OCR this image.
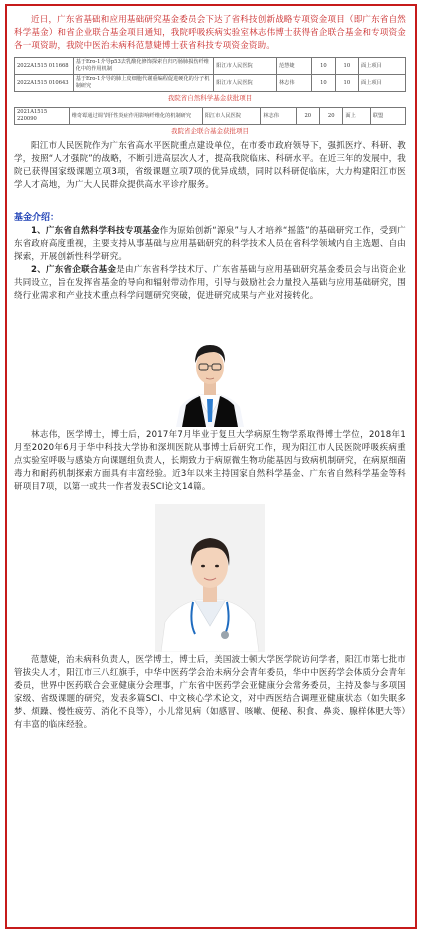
近日，广东省基础和应用基础研究基金委员会下达了省科技创新战略专项资金项目（即广东省自然科学基金）和省企业联合基金项目通知，我院呼吸疾病实验室林志伟博士获得省企联合基金和专项资金各一项资助，我院中医治未病科范慧婕博士获省科技专项资金资助。

2022A1515 011668	基于Ero-1介导p53去乳酸化修饰探索自归巧肠肺损伤纤维化中的作用机制	阳江市人民医院	范慧婕	10	10	面上项目
2022A1515 010643	基于Ero-1介导的肺上皮细胞代谢重编程促进硬化的分子机制研究	阳江市人民医院	林志伟	10	10	面上项目
我院省自然科学基金获批项目
2021A1515 220090	维奇霉通过调节肝性炎症作用影响纤维化的机制研究	阳江市人民医院	林志伟	20	20	面上	联盟
我院省企联合基金获批项目

阳江市人民医院作为广东省高水平医院重点建设单位，在市委市政府领导下，强抓医疗、科研、教学，按照“人才强院”的战略，不断引进高层次人才，提高我院临床、科研水平。在近三年的发展中，我院已获得国家级课题立项3项，省级课题立项7项的优异成绩，同时以科研促临床，大力构建阳江市医学人才高地，为广大人民群众提供高水平诊疗服务。

基金介绍：

1、广东省自然科学科技专项基金作为原始创新“源泉”与人才培养“摇篮”的基础研究工作，受到广东省政府高度重视，主要支持从事基础与应用基础研究的科学技术人员在省科学领域内自主选题、自由探索，开展创新性科学研究。

2、广东省企联合基金是由广东省科学技术厅、广东省基础与应用基础研究基金委员会与出资企业共同设立，旨在发挥省基金的导向和辐射带动作用，引导与鼓励社会力量投入基础与应用基础研究，围绕行业需求和产业技术重点科学问题研究突破，促进研究成果与产业对接转化。

林志伟，医学博士，博士后，2017年7月毕业于复旦大学病原生物学系取得博士学位，2018年1月至2020年6月于华中科技大学协和深圳医院从事博士后研究工作，现为阳江市人民医院呼吸疾病重点实验室呼吸与感染方向课题组负责人，长期致力于病原微生物功能基因与致病机制研究，在病原细菌毒力和耐药机制探索方面具有丰富经验。近3年以来主持国家自然科学基金、广东省自然科学基金等科研项目7项，以第一或共一作者发表SCI论文14篇。

范慧婕，治未病科负责人，医学博士，博士后，美国波士顿大学医学院访问学者，阳江市第七批市管拔尖人才，阳江市三八红旗手，中华中医药学会治未病分会青年委员，华中中医药学会体质分会青年委员，世界中医药联合会亚健康分会理事，广东省中医药学会亚健康分会常务委员，主持及参与多项国家级、省级课题的研究，发表多篇SCI、中文核心学术论文，对中西医结合调理亚健康状态（如失眠多梦、烦躁、慢性疲劳、消化不良等），小儿常见病（如感冒、咳嗽、便秘、积食、鼻炎、腺样体肥大等）有丰富的临床经验。
